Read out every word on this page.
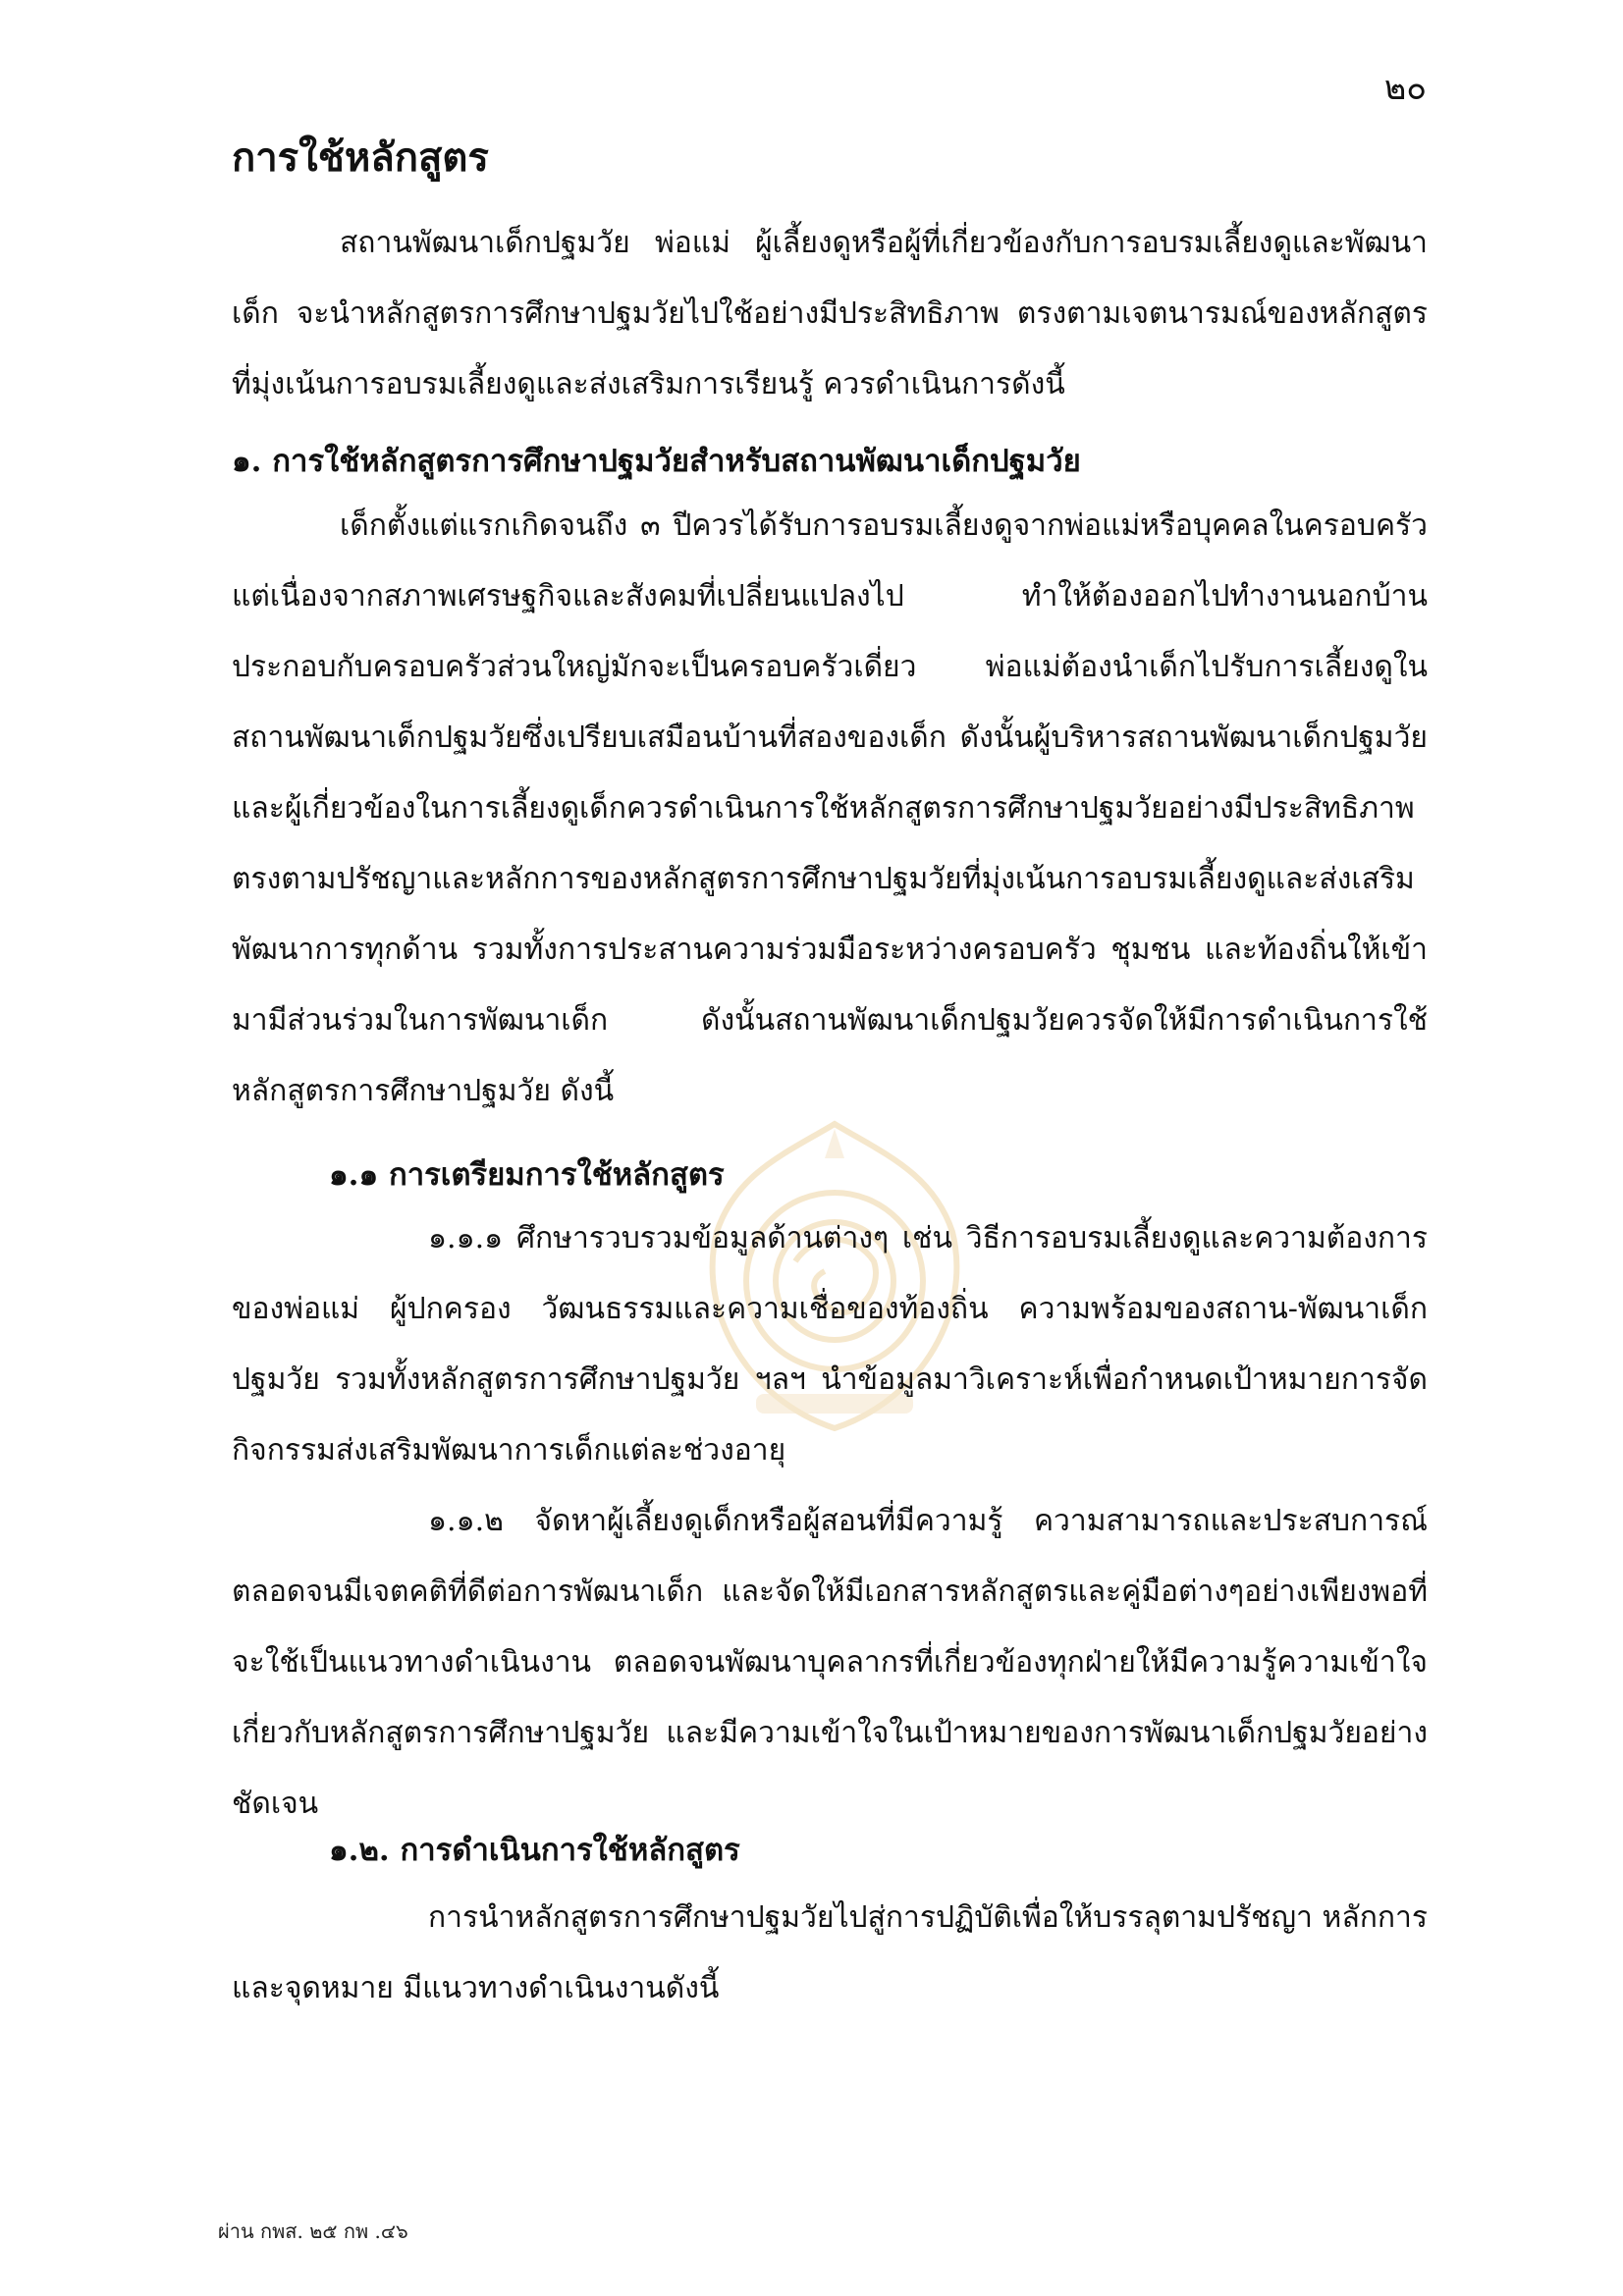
๒๐
การใช้หลักสูตร

สถานพัฒนาเด็กปฐมวัย พ่อแม่ ผู้เลี้ยงดูหรือผู้ที่เกี่ยวข้องกับการอบรมเลี้ยงดูและพัฒนาเด็ก จะนำหลักสูตรการศึกษาปฐมวัยไปใช้อย่างมีประสิทธิภาพ ตรงตามเจตนารมณ์ของหลักสูตร ที่มุ่งเน้นการอบรมเลี้ยงดูและส่งเสริมการเรียนรู้ ควรดำเนินการดังนี้

๑. การใช้หลักสูตรการศึกษาปฐมวัยสำหรับสถานพัฒนาเด็กปฐมวัย

เด็กตั้งแต่แรกเกิดจนถึง ๓ ปีควรได้รับการอบรมเลี้ยงดูจากพ่อแม่หรือบุคคลในครอบครัว แต่เนื่องจากสภาพเศรษฐกิจและสังคมที่เปลี่ยนแปลงไป ทำให้ต้องออกไปทำงานนอกบ้าน ประกอบกับครอบครัวส่วนใหญ่มักจะเป็นครอบครัวเดี่ยว พ่อแม่ต้องนำเด็กไปรับการเลี้ยงดูในสถานพัฒนาเด็กปฐมวัยซึ่งเปรียบเสมือนบ้านที่สองของเด็ก ดังนั้นผู้บริหารสถานพัฒนาเด็กปฐมวัยและผู้เกี่ยวข้องในการเลี้ยงดูเด็กควรดำเนินการใช้หลักสูตรการศึกษาปฐมวัยอย่างมีประสิทธิภาพ ตรงตามปรัชญาและหลักการของหลักสูตรการศึกษาปฐมวัยที่มุ่งเน้นการอบรมเลี้ยงดูและส่งเสริมพัฒนาการทุกด้าน รวมทั้งการประสานความร่วมมือระหว่างครอบครัว ชุมชน และท้องถิ่นให้เข้ามามีส่วนร่วมในการพัฒนาเด็ก ดังนั้นสถานพัฒนาเด็กปฐมวัยควรจัดให้มีการดำเนินการใช้หลักสูตรการศึกษาปฐมวัย ดังนี้

๑.๑ การเตรียมการใช้หลักสูตร

๑.๑.๑ ศึกษารวบรวมข้อมูลด้านต่างๆ เช่น วิธีการอบรมเลี้ยงดูและความต้องการของพ่อแม่ ผู้ปกครอง วัฒนธรรมและความเชื่อของท้องถิ่น ความพร้อมของสถาน-พัฒนาเด็กปฐมวัย รวมทั้งหลักสูตรการศึกษาปฐมวัย ฯลฯ นำข้อมูลมาวิเคราะห์เพื่อกำหนดเป้าหมายการจัดกิจกรรมส่งเสริมพัฒนาการเด็กแต่ละช่วงอายุ

๑.๑.๒ จัดหาผู้เลี้ยงดูเด็กหรือผู้สอนที่มีความรู้ ความสามารถและประสบการณ์ ตลอดจนมีเจตคติที่ดีต่อการพัฒนาเด็ก และจัดให้มีเอกสารหลักสูตรและคู่มือต่างๆอย่างเพียงพอที่จะใช้เป็นแนวทางดำเนินงาน ตลอดจนพัฒนาบุคลากรที่เกี่ยวข้องทุกฝ่ายให้มีความรู้ความเข้าใจเกี่ยวกับหลักสูตรการศึกษาปฐมวัย และมีความเข้าใจในเป้าหมายของการพัฒนาเด็กปฐมวัยอย่างชัดเจน

๑.๒. การดำเนินการใช้หลักสูตร

การนำหลักสูตรการศึกษาปฐมวัยไปสู่การปฏิบัติเพื่อให้บรรลุตามปรัชญา หลักการ และจุดหมาย มีแนวทางดำเนินงานดังนี้

ผ่าน กพส. ๒๕ กพ .๔๖
